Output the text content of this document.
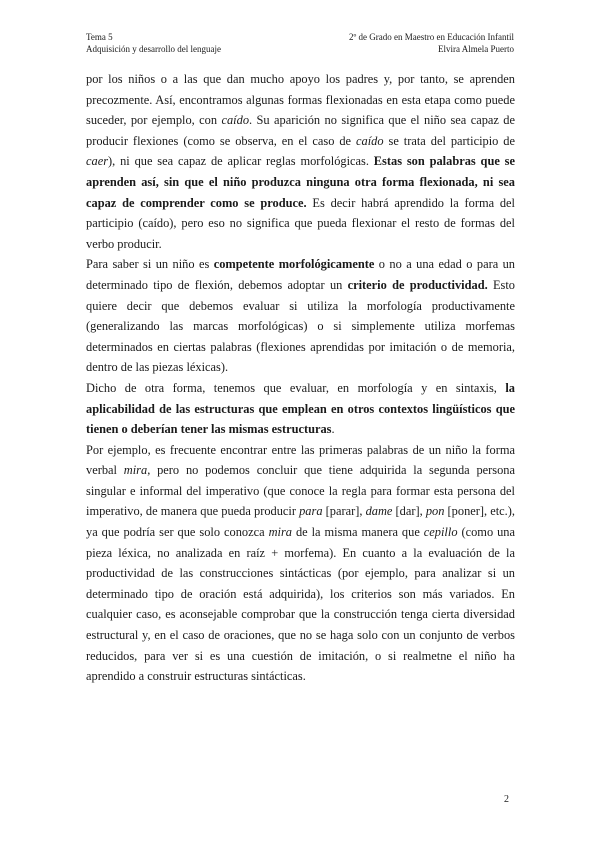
Tema 5
Adquisición y desarrollo del lenguaje
2º de Grado en Maestro en Educación Infantil
Elvira Almela Puerto

por los niños o a las que dan mucho apoyo los padres y, por tanto, se aprenden precozmente. Así, encontramos algunas formas flexionadas en esta etapa como puede suceder, por ejemplo, con caído. Su aparición no significa que el niño sea capaz de producir flexiones (como se observa, en el caso de caído se trata del participio de caer), ni que sea capaz de aplicar reglas morfológicas. Estas son palabras que se aprenden así, sin que el niño produzca ninguna otra forma flexionada, ni sea capaz de comprender como se produce. Es decir habrá aprendido la forma del participio (caído), pero eso no significa que pueda flexionar el resto de formas del verbo producir.

Para saber si un niño es competente morfológicamente o no a una edad o para un determinado tipo de flexión, debemos adoptar un criterio de productividad. Esto quiere decir que debemos evaluar si utiliza la morfología productivamente (generalizando las marcas morfológicas) o si simplemente utiliza morfemas determinados en ciertas palabras (flexiones aprendidas por imitación o de memoria, dentro de las piezas léxicas).

Dicho de otra forma, tenemos que evaluar, en morfología y en sintaxis, la aplicabilidad de las estructuras que emplean en otros contextos lingüísticos que tienen o deberían tener las mismas estructuras.

Por ejemplo, es frecuente encontrar entre las primeras palabras de un niño la forma verbal mira, pero no podemos concluir que tiene adquirida la segunda persona singular e informal del imperativo (que conoce la regla para formar esta persona del imperativo, de manera que pueda producir para [parar], dame [dar], pon [poner], etc.), ya que podría ser que solo conozca mira de la misma manera que cepillo (como una pieza léxica, no analizada en raíz + morfema). En cuanto a la evaluación de la productividad de las construcciones sintácticas (por ejemplo, para analizar si un determinado tipo de oración está adquirida), los criterios son más variados. En cualquier caso, es aconsejable comprobar que la construcción tenga cierta diversidad estructural y, en el caso de oraciones, que no se haga solo con un conjunto de verbos reducidos, para ver si es una cuestión de imitación, o si realmetne el niño ha aprendido a construir estructuras sintácticas.

2
